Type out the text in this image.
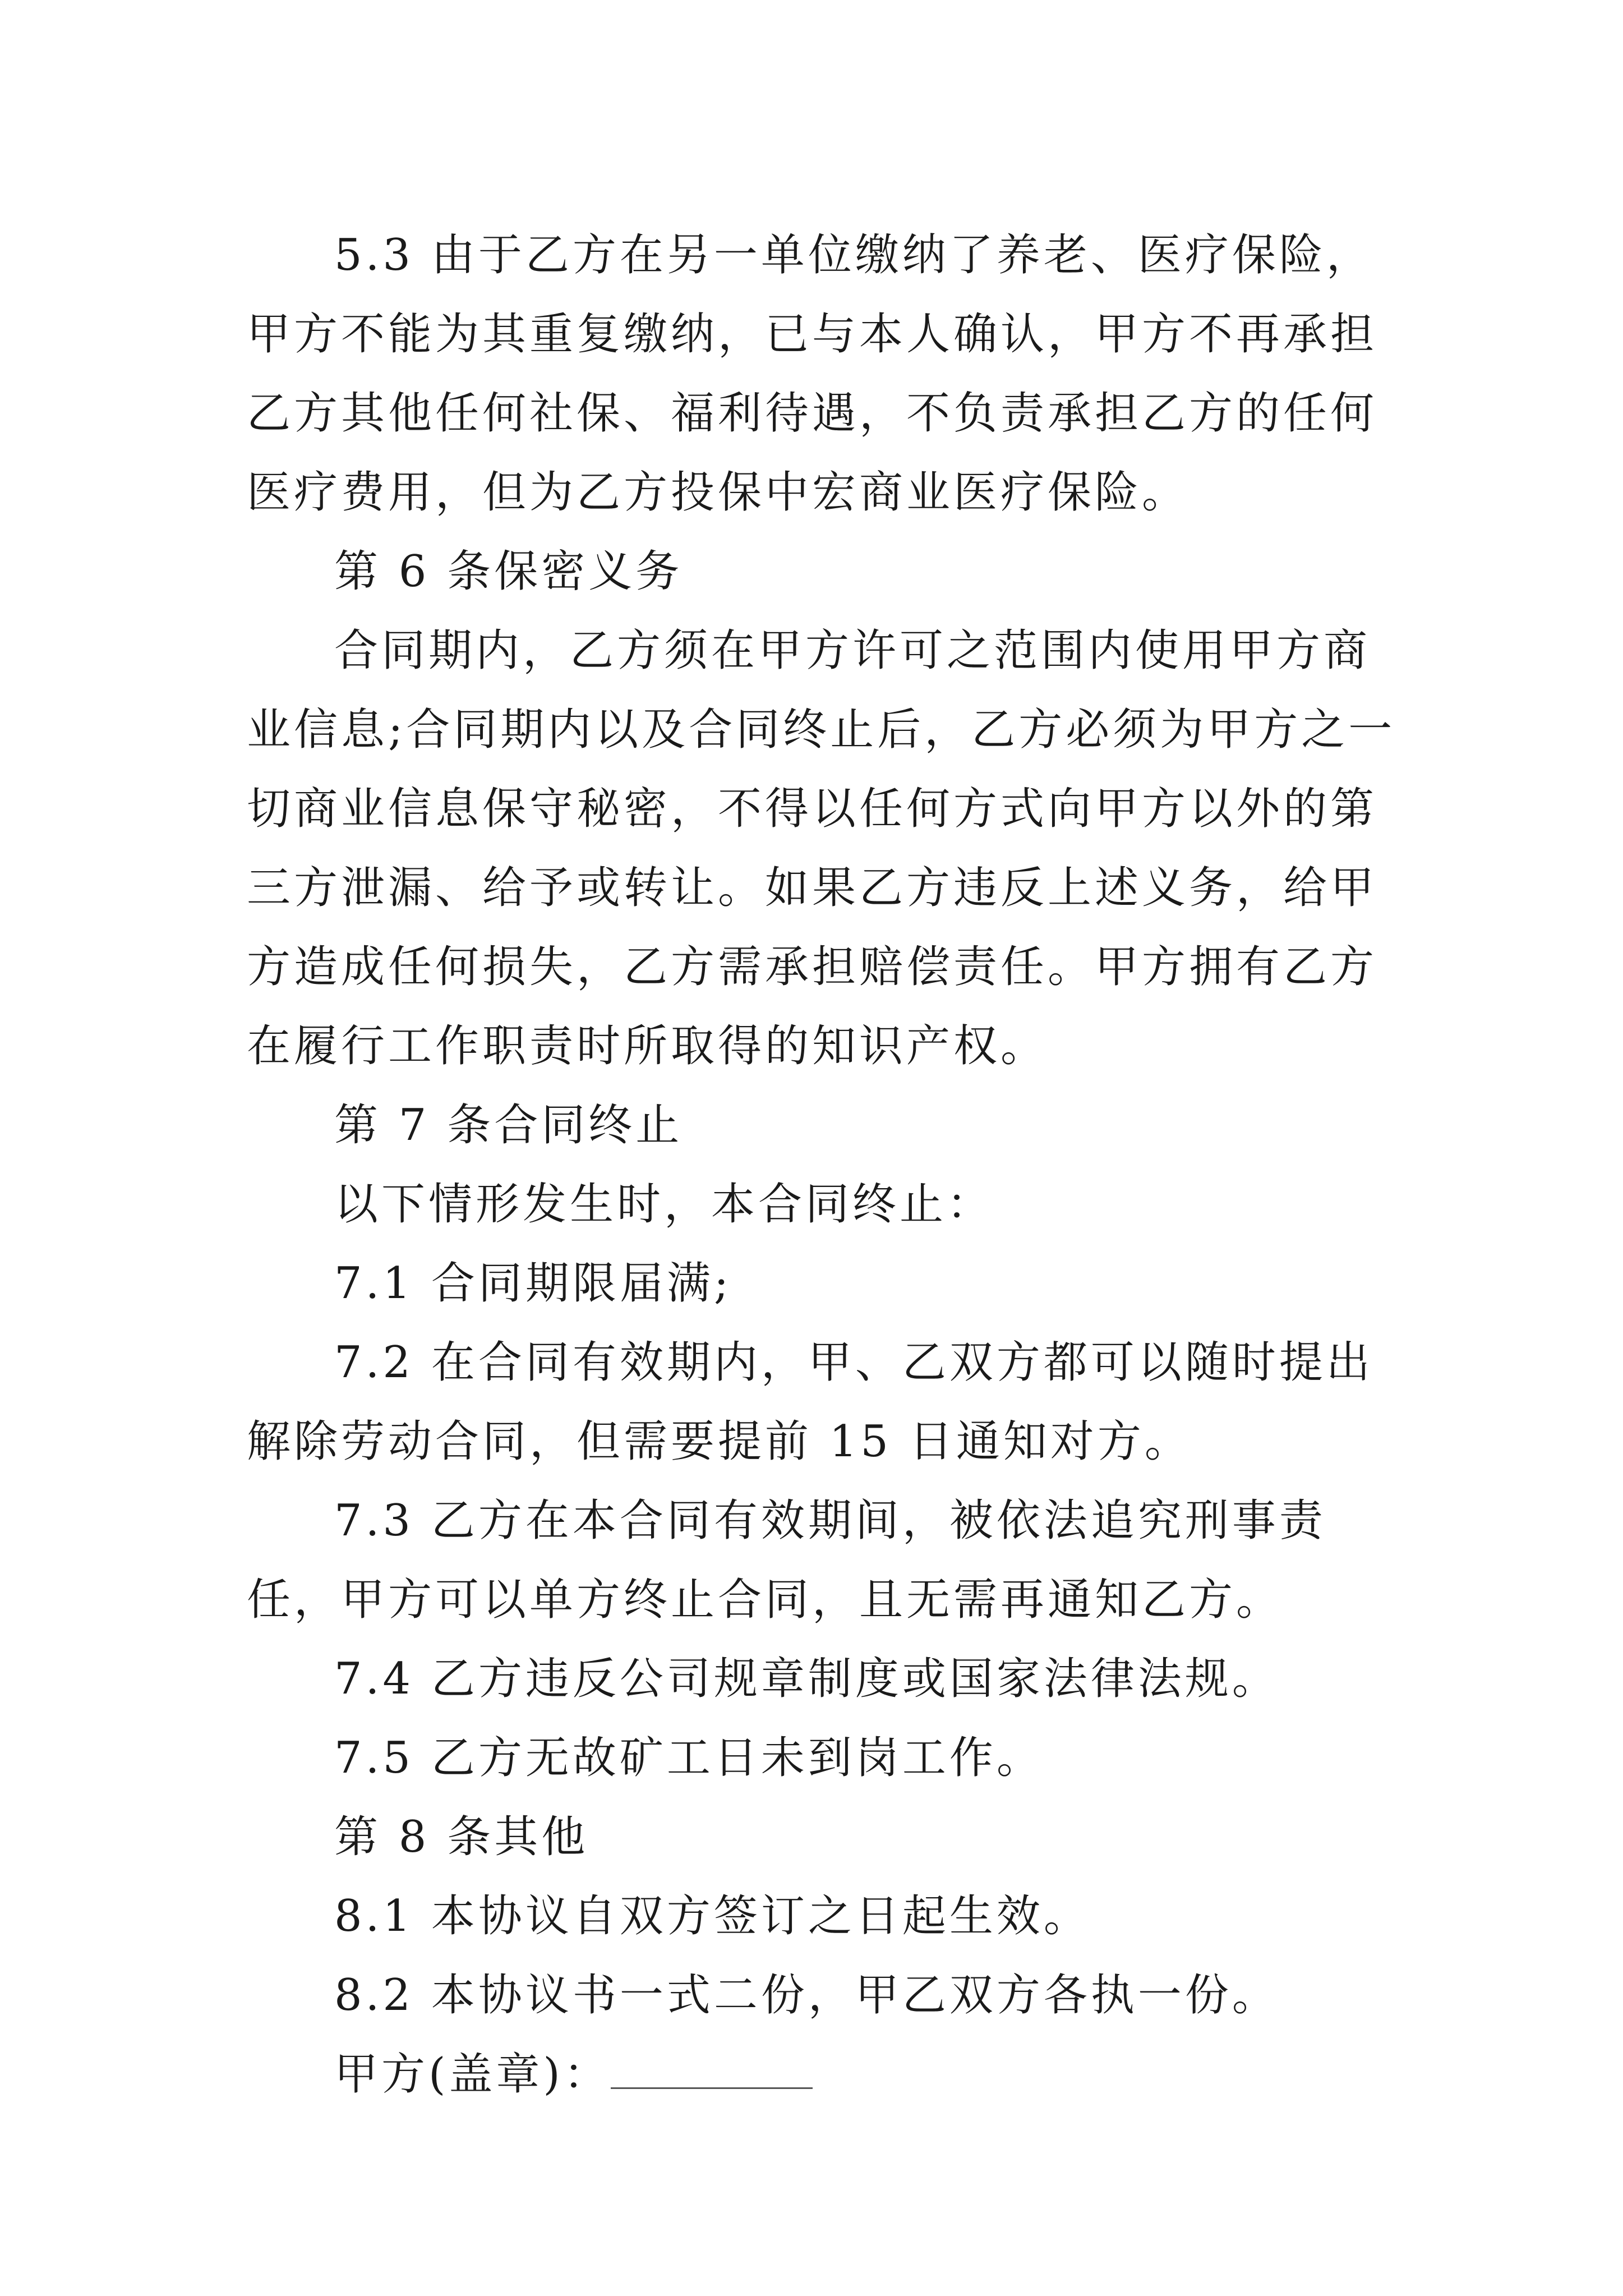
5.3 由于乙方在另一单位缴纳了养老、医疗保险，甲方不能为其重复缴纳，已与本人确认，甲方不再承担乙方其他任何社保、福利待遇，不负责承担乙方的任何医疗费用，但为乙方投保中宏商业医疗保险。

第 6 条保密义务

合同期内，乙方须在甲方许可之范围内使用甲方商业信息;合同期内以及合同终止后，乙方必须为甲方之一切商业信息保守秘密，不得以任何方式向甲方以外的第三方泄漏、给予或转让。如果乙方违反上述义务，给甲方造成任何损失，乙方需承担赔偿责任。甲方拥有乙方在履行工作职责时所取得的知识产权。

第 7 条合同终止

以下情形发生时，本合同终止：

7.1 合同期限届满;

7.2 在合同有效期内，甲、乙双方都可以随时提出解除劳动合同，但需要提前 15 日通知对方。

7.3 乙方在本合同有效期间，被依法追究刑事责任，甲方可以单方终止合同，且无需再通知乙方。

7.4 乙方违反公司规章制度或国家法律法规。

7.5 乙方无故矿工日未到岗工作。

第 8 条其他

8.1 本协议自双方签订之日起生效。

8.2 本协议书一式二份，甲乙双方各执一份。

甲方(盖章)：
